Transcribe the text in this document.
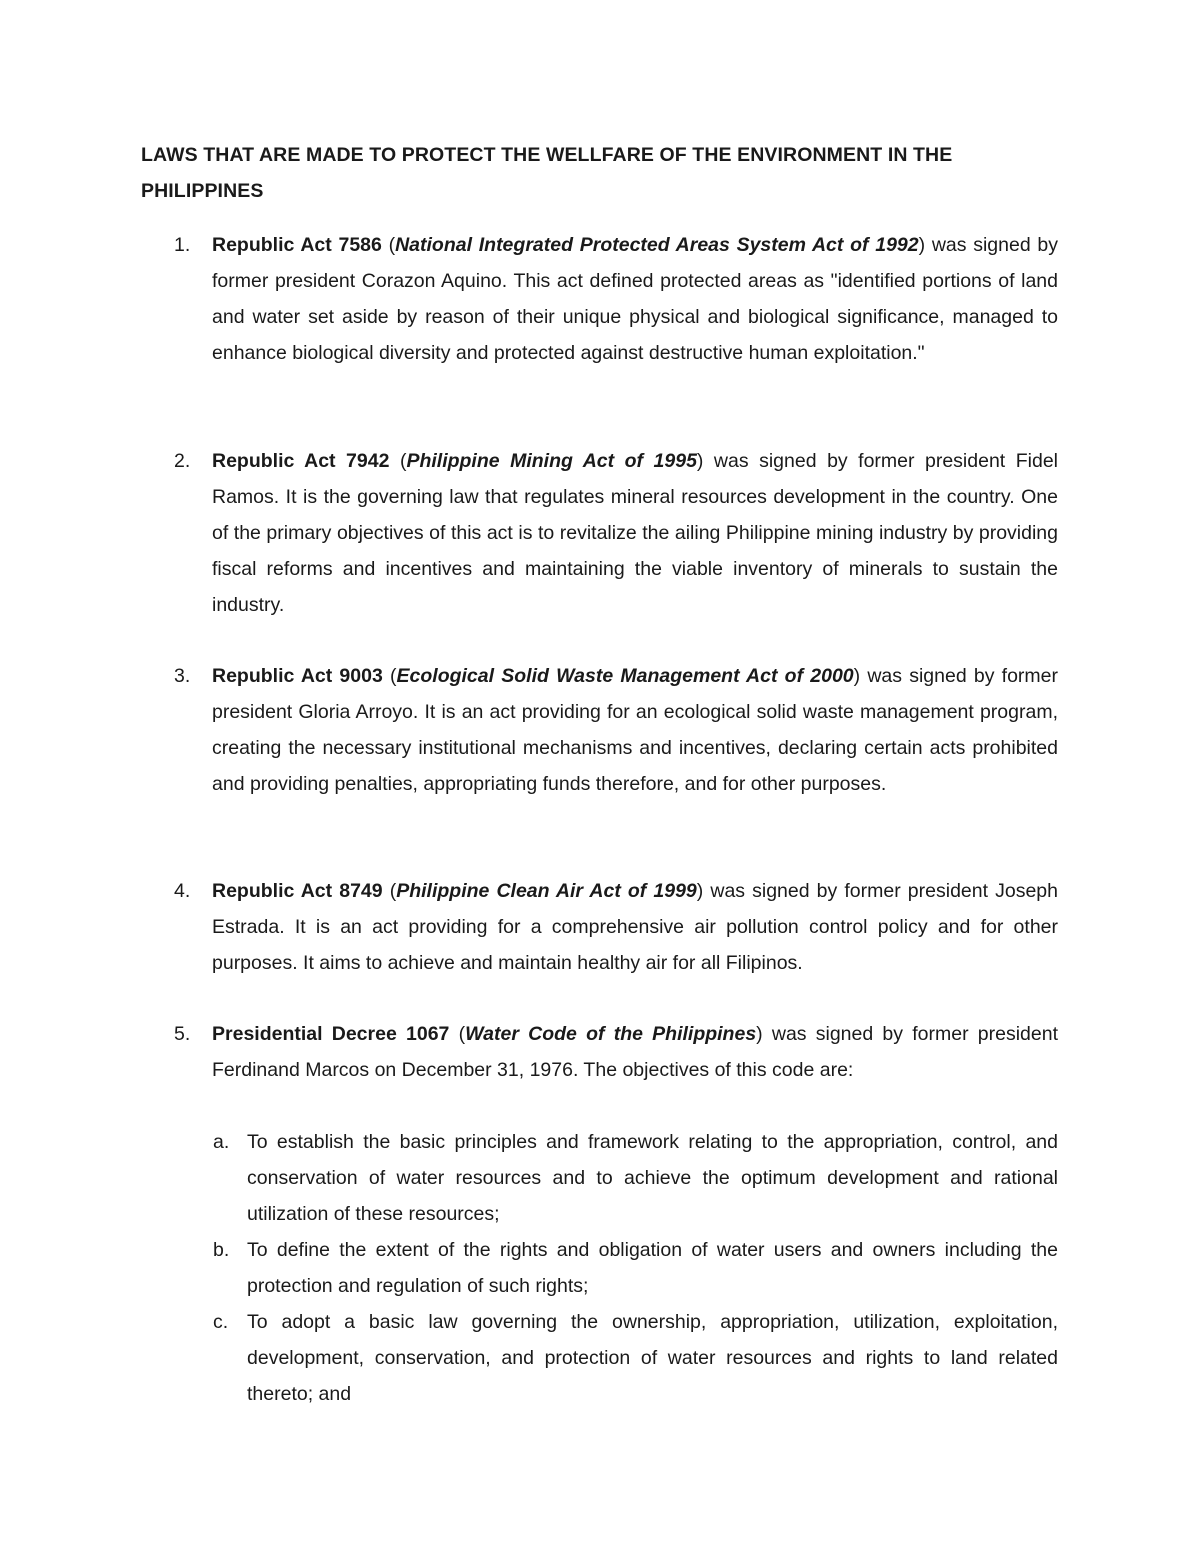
LAWS THAT ARE MADE TO PROTECT THE WELLFARE OF THE ENVIRONMENT IN THE PHILIPPINES
1. Republic Act 7586 (National Integrated Protected Areas System Act of 1992) was signed by former president Corazon Aquino. This act defined protected areas as "identified portions of land and water set aside by reason of their unique physical and biological significance, managed to enhance biological diversity and protected against destructive human exploitation."
2. Republic Act 7942 (Philippine Mining Act of 1995) was signed by former president Fidel Ramos. It is the governing law that regulates mineral resources development in the country. One of the primary objectives of this act is to revitalize the ailing Philippine mining industry by providing fiscal reforms and incentives and maintaining the viable inventory of minerals to sustain the industry.
3. Republic Act 9003 (Ecological Solid Waste Management Act of 2000) was signed by former president Gloria Arroyo. It is an act providing for an ecological solid waste management program, creating the necessary institutional mechanisms and incentives, declaring certain acts prohibited and providing penalties, appropriating funds therefore, and for other purposes.
4. Republic Act 8749 (Philippine Clean Air Act of 1999) was signed by former president Joseph Estrada. It is an act providing for a comprehensive air pollution control policy and for other purposes. It aims to achieve and maintain healthy air for all Filipinos.
5. Presidential Decree 1067 (Water Code of the Philippines) was signed by former president Ferdinand Marcos on December 31, 1976. The objectives of this code are:
a. To establish the basic principles and framework relating to the appropriation, control, and conservation of water resources and to achieve the optimum development and rational utilization of these resources;
b. To define the extent of the rights and obligation of water users and owners including the protection and regulation of such rights;
c. To adopt a basic law governing the ownership, appropriation, utilization, exploitation, development, conservation, and protection of water resources and rights to land related thereto; and
